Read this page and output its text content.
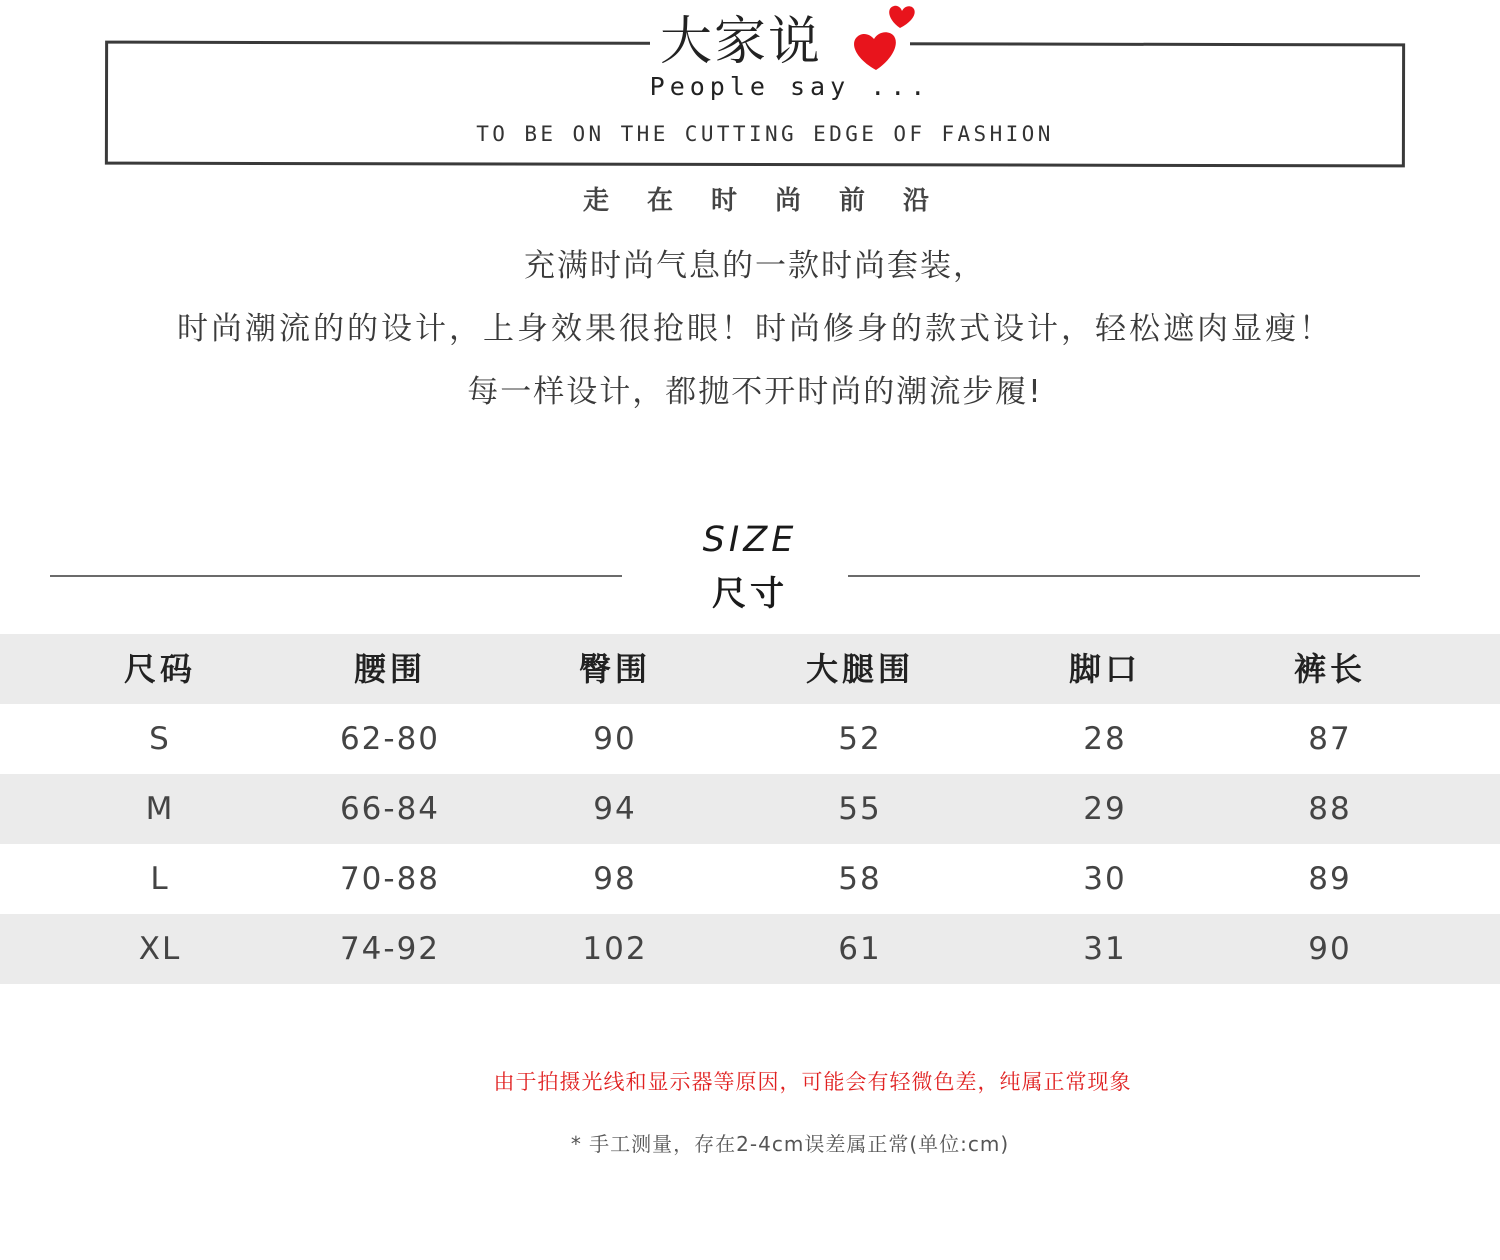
大家说
People say ...
TO BE ON THE CUTTING EDGE OF FASHION
走在时尚前沿
充满时尚气息的一款时尚套装，
时尚潮流的的设计，上身效果很抢眼！时尚修身的款式设计，轻松遮肉显瘦！
每一样设计，都抛不开时尚的潮流步履!
SIZE
尺寸
尺码	腰围	臀围	大腿围	脚口	裤长
S	62-80	90	52	28	87
M	66-84	94	55	29	88
L	70-88	98	58	30	89
XL	74-92	102	61	31	90
由于拍摄光线和显示器等原因，可能会有轻微色差，纯属正常现象
* 手工测量，存在2-4cm误差属正常(单位:cm)
